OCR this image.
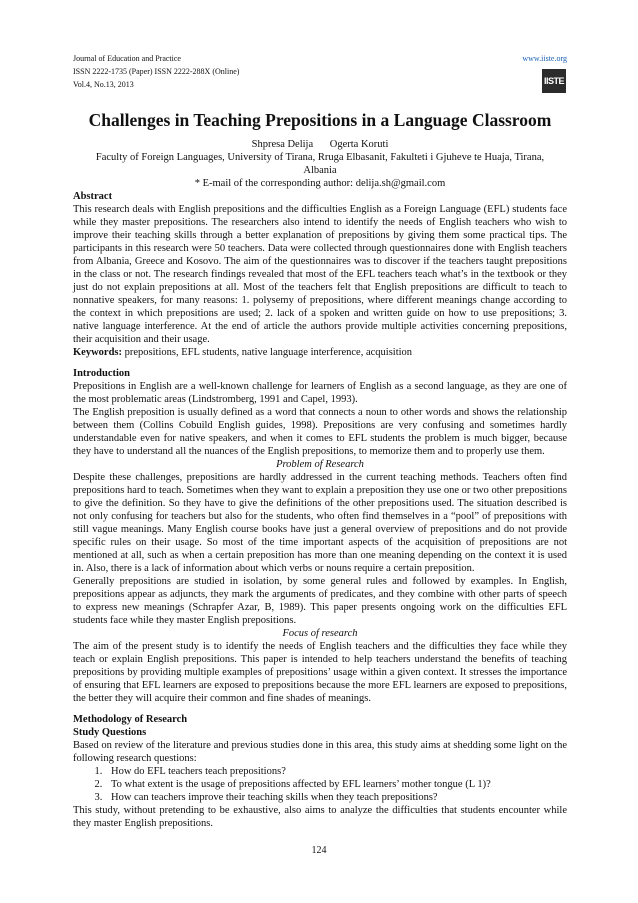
Journal of Education and Practice
ISSN 2222-1735 (Paper) ISSN 2222-288X (Online)
Vol.4, No.13, 2013
www.iiste.org
IISTE
Challenges in Teaching Prepositions in a Language Classroom
Shpresa Delija Ogerta Koruti
Faculty of Foreign Languages, University of Tirana, Rruga Elbasanit, Fakulteti i Gjuheve te Huaja, Tirana,
Albania
* E-mail of the corresponding author: delija.sh@gmail.com

Abstract

This research deals with English prepositions and the difficulties English as a Foreign Language (EFL) students face while they master prepositions. The researchers also intend to identify the needs of English teachers who wish to improve their teaching skills through a better explanation of prepositions by giving them some practical tips. The participants in this research were 50 teachers. Data were collected through questionnaires done with English teachers from Albania, Greece and Kosovo. The aim of the questionnaires was to discover if the teachers taught prepositions in the class or not. The research findings revealed that most of the EFL teachers teach what’s in the textbook or they just do not explain prepositions at all. Most of the teachers felt that English prepositions are difficult to teach to nonnative speakers, for many reasons: 1. polysemy of prepositions, where different meanings change according to the context in which prepositions are used; 2. lack of a spoken and written guide on how to use prepositions; 3. native language interference. At the end of article the authors provide multiple activities concerning prepositions, their acquisition and their usage.

Keywords: prepositions, EFL students, native language interference, acquisition

Introduction

Prepositions in English are a well-known challenge for learners of English as a second language, as they are one of the most problematic areas (Lindstromberg, 1991 and Capel, 1993).

The English preposition is usually defined as a word that connects a noun to other words and shows the relationship between them (Collins Cobuild English guides, 1998). Prepositions are very confusing and sometimes hardly understandable even for native speakers, and when it comes to EFL students the problem is much bigger, because they have to understand all the nuances of the English prepositions, to memorize them and to properly use them.

Problem of Research

Despite these challenges, prepositions are hardly addressed in the current teaching methods. Teachers often find prepositions hard to teach. Sometimes when they want to explain a preposition they use one or two other prepositions to give the definition. So they have to give the definitions of the other prepositions used. The situation described is not only confusing for teachers but also for the students, who often find themselves in a “pool” of prepositions with still vague meanings. Many English course books have just a general overview of prepositions and do not provide specific rules on their usage. So most of the time important aspects of the acquisition of prepositions are not mentioned at all, such as when a certain preposition has more than one meaning depending on the context it is used in. Also, there is a lack of information about which verbs or nouns require a certain preposition.

Generally prepositions are studied in isolation, by some general rules and followed by examples. In English, prepositions appear as adjuncts, they mark the arguments of predicates, and they combine with other parts of speech to express new meanings (Schrapfer Azar, B, 1989). This paper presents ongoing work on the difficulties EFL students face while they master English prepositions.

Focus of research

The aim of the present study is to identify the needs of English teachers and the difficulties they face while they teach or explain English prepositions. This paper is intended to help teachers understand the benefits of teaching prepositions by providing multiple examples of prepositions’ usage within a given context. It stresses the importance of ensuring that EFL learners are exposed to prepositions because the more EFL learners are exposed to prepositions, the better they will acquire their common and fine shades of meanings.

Methodology of Research

Study Questions

Based on review of the literature and previous studies done in this area, this study aims at shedding some light on the following research questions:

1. How do EFL teachers teach prepositions?
2. To what extent is the usage of prepositions affected by EFL learners’ mother tongue (L 1)?
3. How can teachers improve their teaching skills when they teach prepositions?

This study, without pretending to be exhaustive, also aims to analyze the difficulties that students encounter while they master English prepositions.

124
